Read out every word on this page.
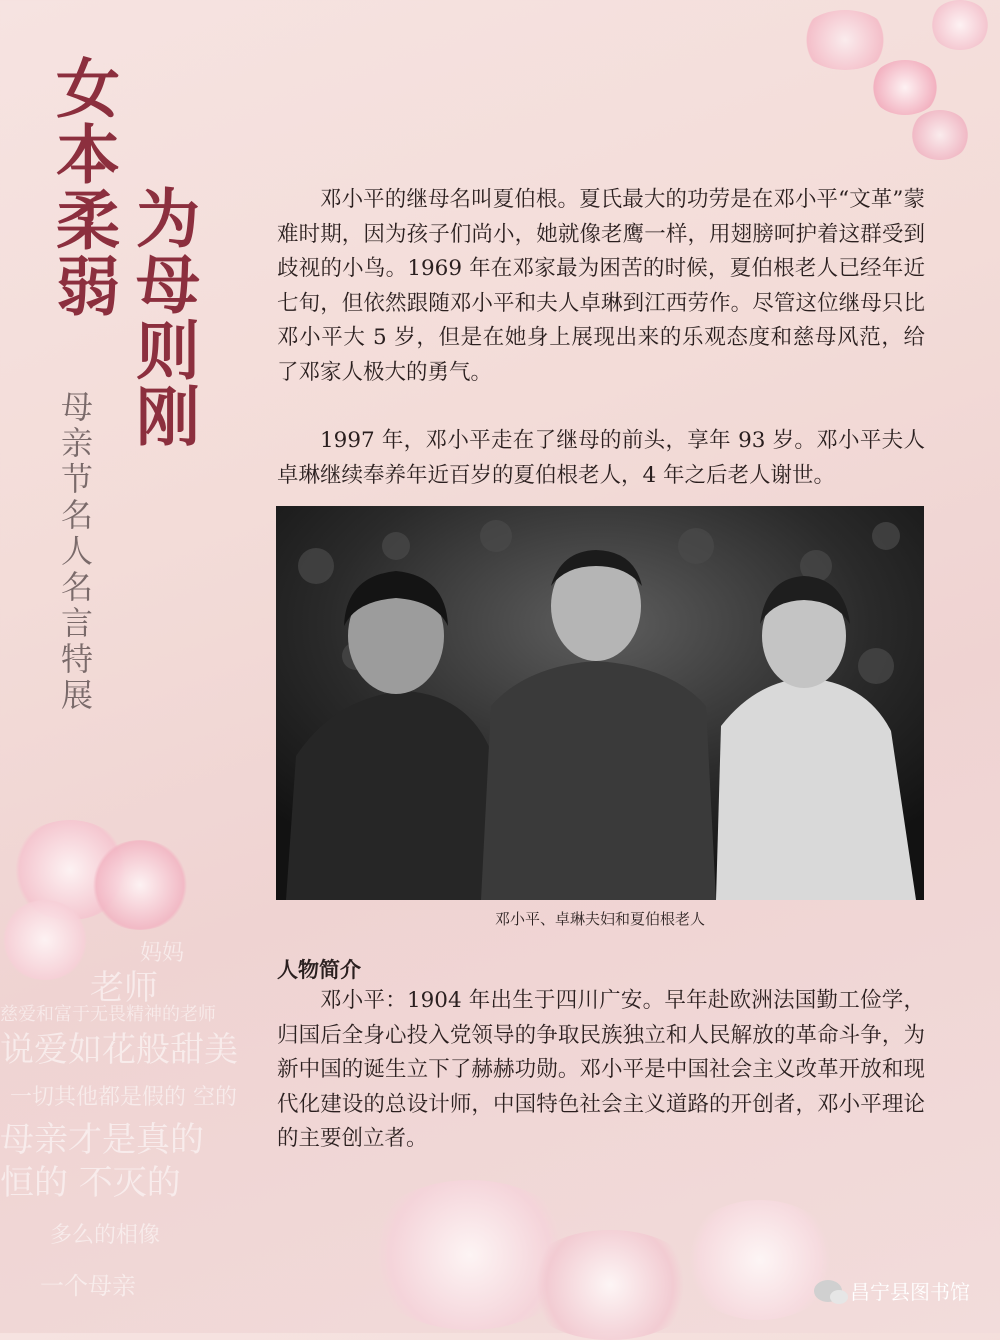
妈妈
老师
慈爱和富于无畏精神的老师
说爱如花般甜美
一切其他都是假的 空的
母亲才是真的
恒的 不灭的
多么的相像
一个母亲
女本柔弱 为母则刚
母亲节名人名言特展

邓小平的继母名叫夏伯根。夏氏最大的功劳是在邓小平“文革”蒙难时期，因为孩子们尚小，她就像老鹰一样，用翅膀呵护着这群受到歧视的小鸟。1969 年在邓家最为困苦的时候，夏伯根老人已经年近七旬，但依然跟随邓小平和夫人卓琳到江西劳作。尽管这位继母只比邓小平大 5 岁，但是在她身上展现出来的乐观态度和慈母风范，给了邓家人极大的勇气。

1997 年，邓小平走在了继母的前头，享年 93 岁。邓小平夫人卓琳继续奉养年近百岁的夏伯根老人，4 年之后老人谢世。

邓小平、卓琳夫妇和夏伯根老人
人物简介

邓小平：1904 年出生于四川广安。早年赴欧洲法国勤工俭学，归国后全身心投入党领导的争取民族独立和人民解放的革命斗争，为新中国的诞生立下了赫赫功勋。邓小平是中国社会主义改革开放和现代化建设的总设计师，中国特色社会主义道路的开创者，邓小平理论的主要创立者。

昌宁县图书馆
